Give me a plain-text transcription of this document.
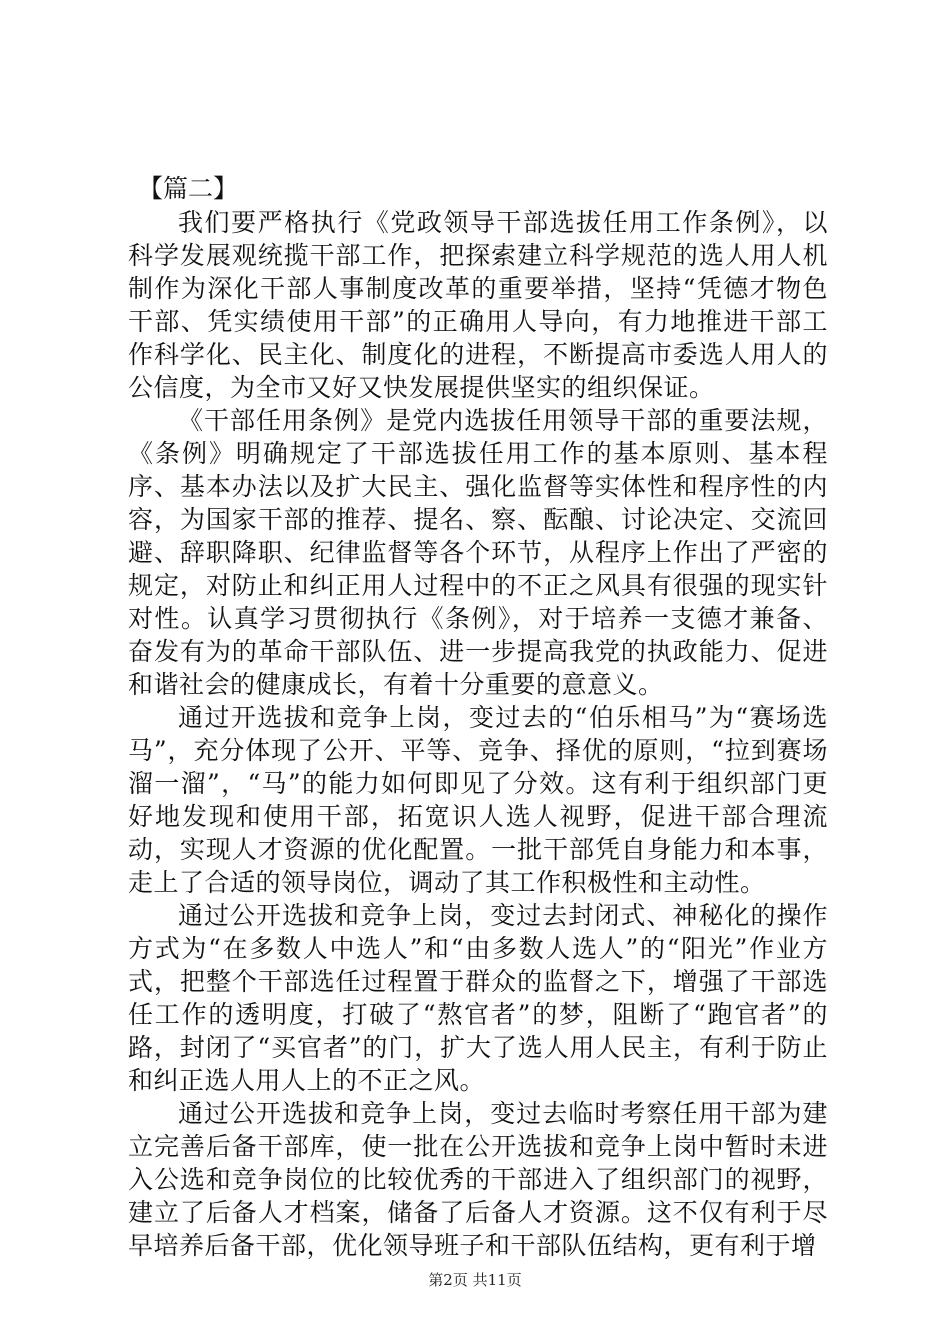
【篇二】

我们要严格执行《党政领导干部选拔任用工作条例》，以科学发展观统揽干部工作，把探索建立科学规范的选人用人机制作为深化干部人事制度改革的重要举措，坚持“凭德才物色干部、凭实绩使用干部”的正确用人导向，有力地推进干部工作科学化、民主化、制度化的进程，不断提高市委选人用人的公信度，为全市又好又快发展提供坚实的组织保证。

《干部任用条例》是党内选拔任用领导干部的重要法规，《条例》明确规定了干部选拔任用工作的基本原则、基本程序、基本办法以及扩大民主、强化监督等实体性和程序性的内容，为国家干部的推荐、提名、察、酝酿、讨论决定、交流回避、辞职降职、纪律监督等各个环节，从程序上作出了严密的规定，对防止和纠正用人过程中的不正之风具有很强的现实针对性。认真学习贯彻执行《条例》，对于培养一支德才兼备、奋发有为的革命干部队伍、进一步提高我党的执政能力、促进和谐社会的健康成长，有着十分重要的意意义。

通过开选拔和竞争上岗，变过去的“伯乐相马”为“赛场选马”，充分体现了公开、平等、竞争、择优的原则，“拉到赛场溜一溜”，“马”的能力如何即见了分效。这有利于组织部门更好地发现和使用干部，拓宽识人选人视野，促进干部合理流动，实现人才资源的优化配置。一批干部凭自身能力和本事，走上了合适的领导岗位，调动了其工作积极性和主动性。

通过公开选拔和竞争上岗，变过去封闭式、神秘化的操作方式为“在多数人中选人”和“由多数人选人”的“阳光”作业方式，把整个干部选任过程置于群众的监督之下，增强了干部选任工作的透明度，打破了“熬官者”的梦，阻断了“跑官者”的路，封闭了“买官者”的门，扩大了选人用人民主，有利于防止和纠正选人用人上的不正之风。

通过公开选拔和竞争上岗，变过去临时考察任用干部为建立完善后备干部库，使一批在公开选拔和竞争上岗中暂时未进入公选和竞争岗位的比较优秀的干部进入了组织部门的视野，建立了后备人才档案，储备了后备人才资源。这不仅有利于尽早培养后备干部，优化领导班子和干部队伍结构，更有利于增

第2页 共11页
